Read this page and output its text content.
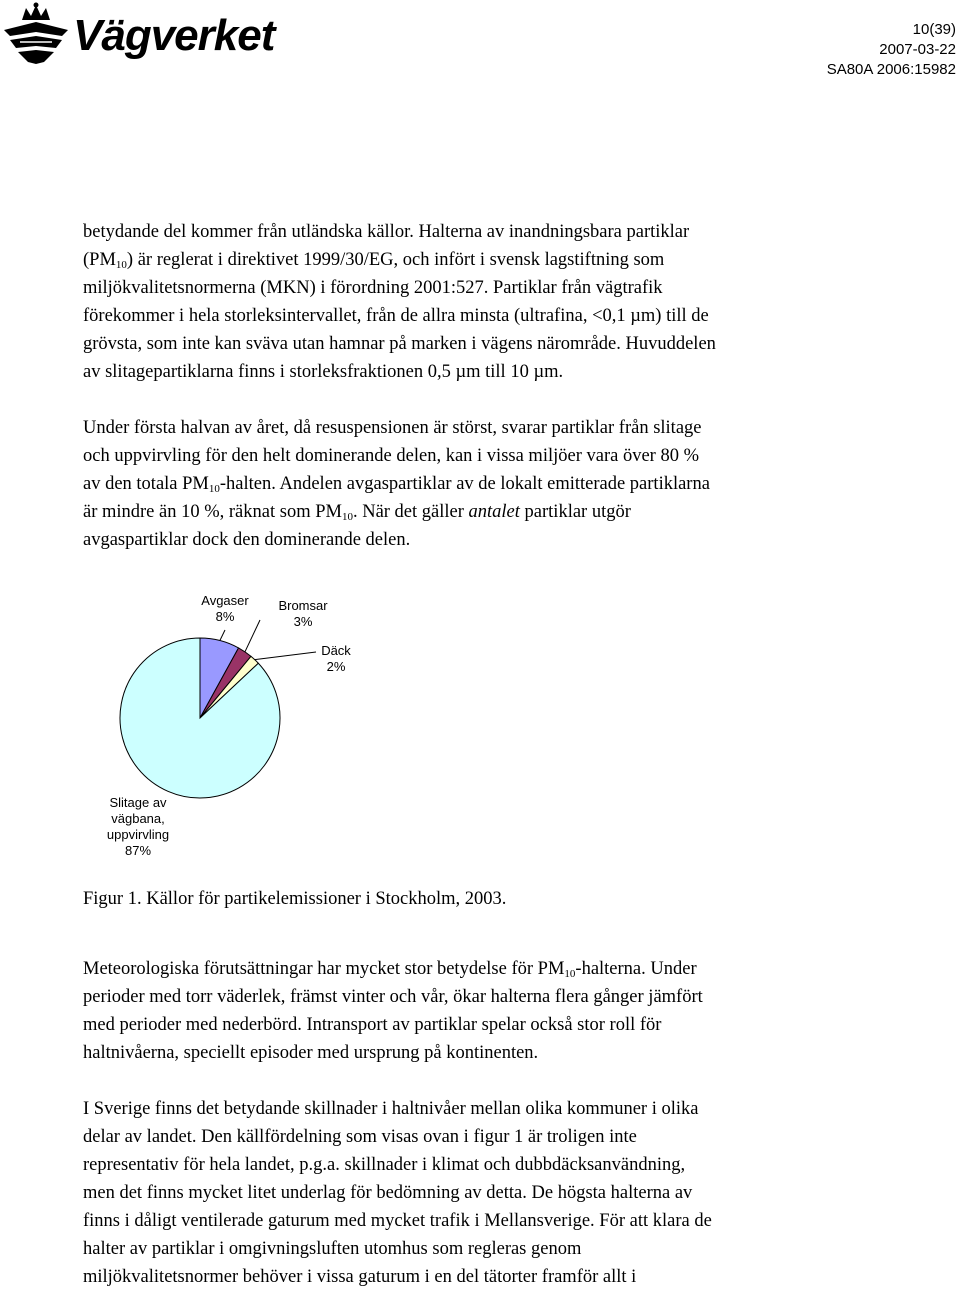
Vägverket	10(39)
2007-03-22
SA80A 2006:15982

betydande del kommer från utländska källor. Halterna av inandningsbara partiklar
$(PM_{10})$ är reglerat i direktivet 1999/30/EG, och infört i svensk lagstiftning som
miljökvalitetsnormerna (MKN) i förordning 2001:527. Partiklar från vägtrafik
förekommer i hela storleksintervallet, från de allra minsta (ultrafina, <0,1 µm) till de
grövsta, som inte kan sväva utan hamnar på marken i vägens närområde. Huvuddelen
av slitagepartiklarna finns i storleksfraktionen 0,5 µm till 10 µm.

Under första halvan av året, då resuspensionen är störst, svarar partiklar från slitage
och uppvirvling för den helt dominerande delen, kan i vissa miljöer vara över 80 %
av den totala $PM_{10}$-halten. Andelen avgaspartiklar av de lokalt emitterade partiklarna
är mindre än 10 %, räknat som $PM_{10}$. När det gäller antalet partiklar utgör
avgaspartiklar dock den dominerande delen.

Avgaser
8%
Bromsar
3%
Däck
2%
Slitage av
vägbana,
uppvirvling
87%
Figur 1. Källor för partikelemissioner i Stockholm, 2003.

Meteorologiska förutsättningar har mycket stor betydelse för $PM_{10}$-halterna. Under
perioder med torr väderlek, främst vinter och vår, ökar halterna flera gånger jämfört
med perioder med nederbörd. Intransport av partiklar spelar också stor roll för
haltnivåerna, speciellt episoder med ursprung på kontinenten.

I Sverige finns det betydande skillnader i haltnivåer mellan olika kommuner i olika
delar av landet. Den källfördelning som visas ovan i figur 1 är troligen inte
representativ för hela landet, p.g.a. skillnader i klimat och dubbdäcksanvändning,
men det finns mycket litet underlag för bedömning av detta. De högsta halterna av
finns i dåligt ventilerade gaturum med mycket trafik i Mellansverige. För att klara de
halter av partiklar i omgivningsluften utomhus som regleras genom
miljökvalitetsnormer behöver i vissa gaturum i en del tätorter framför allt i
